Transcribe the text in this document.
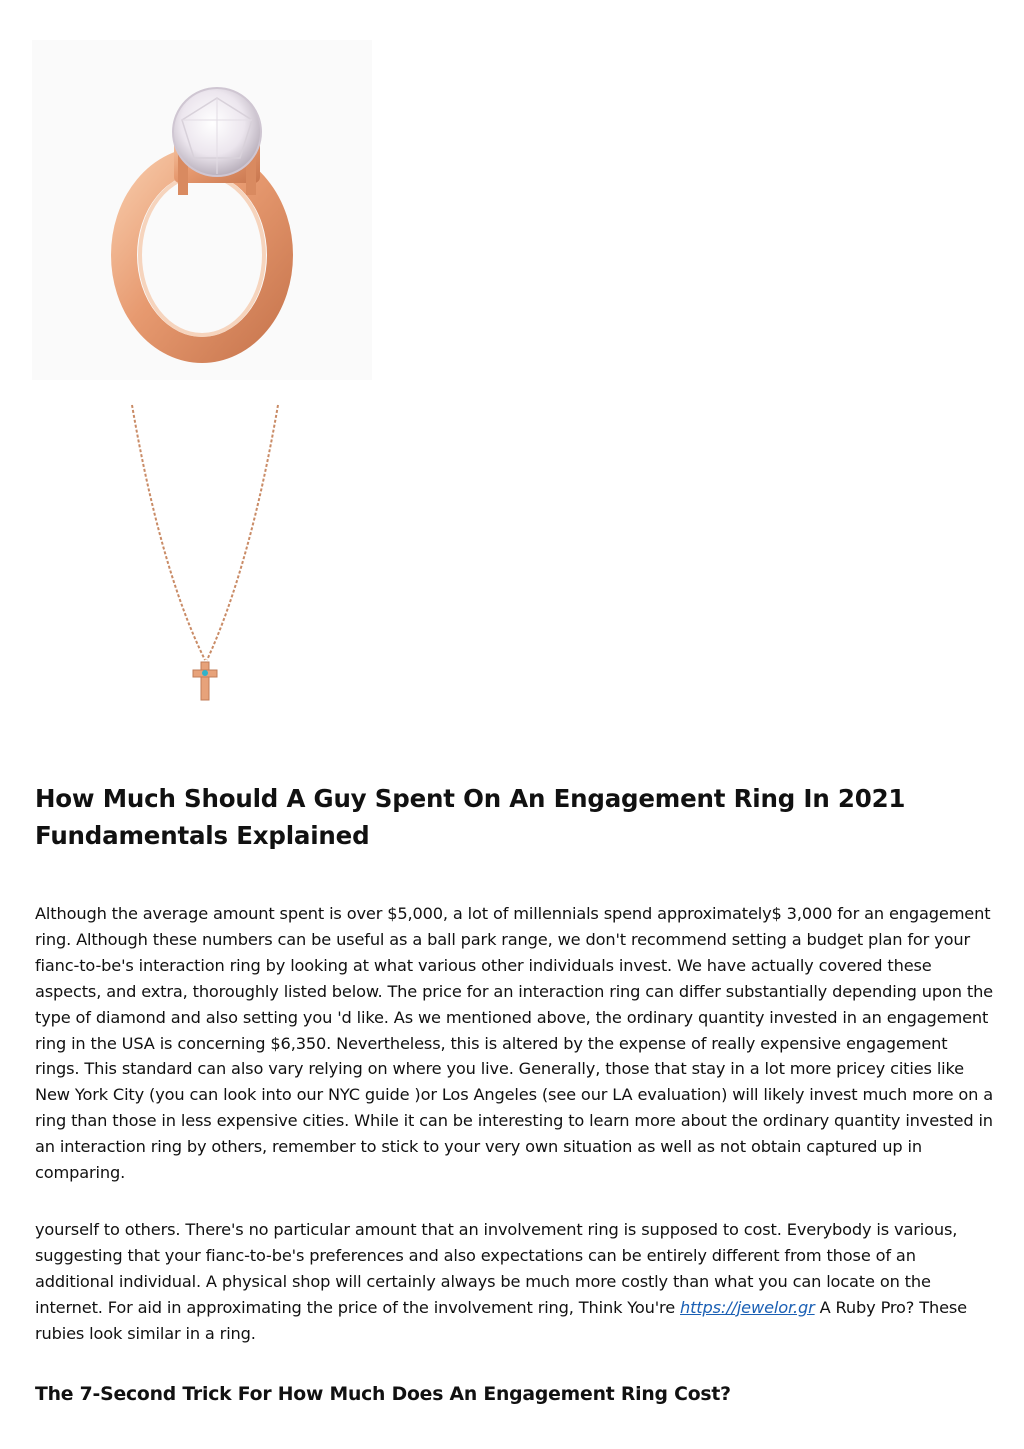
How Much Should A Guy Spent On An Engagement Ring In 2021 Fundamentals Explained

Although the average amount spent is over $5,000, a lot of millennials spend approximately$ 3,000 for an engagement ring. Although these numbers can be useful as a ball park range, we don't recommend setting a budget plan for your fianc-to-be's interaction ring by looking at what various other individuals invest. We have actually covered these aspects, and extra, thoroughly listed below. The price for an interaction ring can differ substantially depending upon the type of diamond and also setting you 'd like. As we mentioned above, the ordinary quantity invested in an engagement ring in the USA is concerning $6,350. Nevertheless, this is altered by the expense of really expensive engagement rings. This standard can also vary relying on where you live. Generally, those that stay in a lot more pricey cities like New York City (you can look into our NYC guide )or Los Angeles (see our LA evaluation) will likely invest much more on a ring than those in less expensive cities. While it can be interesting to learn more about the ordinary quantity invested in an interaction ring by others, remember to stick to your very own situation as well as not obtain captured up in comparing.

yourself to others. There's no particular amount that an involvement ring is supposed to cost. Everybody is various, suggesting that your fianc-to-be's preferences and also expectations can be entirely different from those of an additional individual. A physical shop will certainly always be much more costly than what you can locate on the internet. For aid in approximating the price of the involvement ring, Think You're https://jewelor.gr A Ruby Pro? These rubies look similar in a ring.

The 7-Second Trick For How Much Does An Engagement Ring Cost?
